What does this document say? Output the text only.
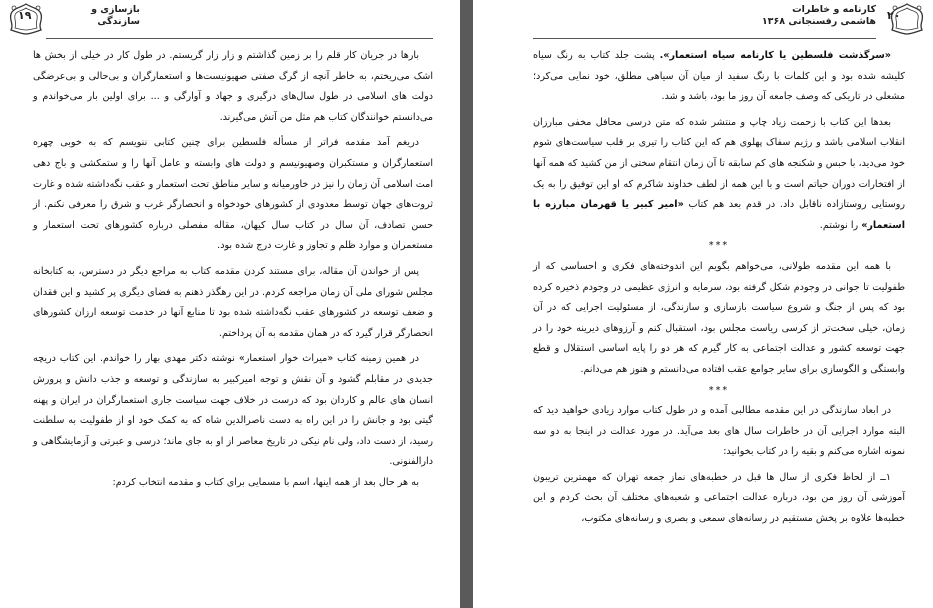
۱۹	بازسازی و
سازندگی

بارها در جریان کار قلم را بر زمین گذاشتم و زار زار گریستم. در طول کار در خیلی از بخش ها اشک می‌ریختم، به خاطر آنچه از گرگ صفتی صهیونیست‌ها و استعمارگران و بی‌حالی و بی‌عرضگی دولت های اسلامی در طول سال‌های درگیری و جهاد و آوارگی و ... برای اولین بار می‌خواندم و می‌دانستم خوانندگان کتاب هم مثل من آتش می‌گیرند.

دریغم آمد مقدمه فراتر از مسأله فلسطین برای چنین کتابی ننویسم که به خوبی چهره استعمارگران و مستکبران وصهیونیسم و دولت های وابسته و عامل آنها را و ستمکشی و باج دهی امت اسلامی آن زمان را نیز در خاورمیانه و سایر مناطق تحت استعمار و عقب نگه‌داشته شده و غارت ثروت‌های جهان توسط معدودی از کشورهای خودخواه و انحصارگر غرب و شرق را معرفی نکنم. از حسن تصادف، آن سال در کتاب سال کیهان، مقاله مفصلی درباره کشورهای تحت استعمار و مستعمران و موارد ظلم و تجاوز و غارت درج شده بود.

پس از خواندن آن مقاله، برای مستند کردن مقدمه کتاب به مراجع دیگر در دسترس، به کتابخانه مجلس شورای ملی آن زمان مراجعه کردم. در این رهگذر ذهنم به فضای دیگری پر کشید و این فقدان و ضعف توسعه در کشورهای عقب نگه‌داشته شده بود تا منابع آنها در خدمت توسعه ارزان کشورهای انحصارگر قرار گیرد که در همان مقدمه به آن پرداختم.

در همین زمینه کتاب «میراث خوار استعمار» نوشته دکتر مهدی بهار را خواندم. این کتاب دریچه جدیدی در مقابلم گشود و آن نقش و توجه امیرکبیر به سازندگی و توسعه و جذب دانش و پرورش انسان های عالم و کاردان بود که درست در خلاف جهت سیاست جاری استعمارگران در ایران و پهنه گیتی بود و جانش را در این راه به دست ناصرالدین شاه که به کمک خود او از طفولیت به سلطنت رسید، از دست داد، ولی نام نیکی در تاریخ معاصر از او به جای ماند؛ درسی و عبرتی و آزمایشگاهی و دارالفنونی.

به هر حال بعد از همه اینها، اسم با مسمایی برای کتاب و مقدمه انتخاب کردم:

۲۰
کارنامه و خاطرات
هاشمی رفسنجانی ۱۳۶۸

«سرگذشت فلسطین یا کارنامه سیاه استعمار». پشت جلد کتاب به رنگ سیاه کلیشه شده بود و این کلمات با رنگ سفید از میان آن سیاهی مطلق، خود نمایی می‌کرد؛ مشعلی در تاریکی که وصف جامعه آن روز ما بود، باشد و شد.

بعدها این کتاب با زحمت زیاد چاپ و منتشر شده که متن درسی محافل مخفی مبارزان انقلاب اسلامی باشد و رژیم سفاک پهلوی هم که این کتاب را تیری بر قلب سیاست‌های شوم خود می‌دید، با حبس و شکنجه های کم سابقه تا آن زمان انتقام سختی از من کشید که همه آنها از افتخارات دوران حیاتم است و با این همه از لطف خداوند شاکرم که او این توفیق را به یک روستایی روستازاده ناقابل داد. در قدم بعد هم کتاب «امیر کبیر یا قهرمان مبارزه با استعمار» را نوشتم.

***

با همه این مقدمه طولانی، می‌خواهم بگویم این اندوخته‌های فکری و احساسی که از طفولیت تا جوانی در وجودم شکل گرفته بود، سرمایه و انرژی عظیمی در وجودم ذخیره کرده بود که پس از جنگ و شروع سیاست بازسازی و سازندگی، از مسئولیت اجرایی که در آن زمان، خیلی سخت‌تر از کرسی ریاست مجلس بود، استقبال کنم و آرزوهای دیرینه خود را در جهت توسعه کشور و عدالت اجتماعی به کار گیرم که هر دو را پایه اساسی استقلال و قطع وابستگی و الگوسازی برای سایر جوامع عقب افتاده می‌دانستم و هنوز هم می‌دانم.

***

در ابعاد سازندگی در این مقدمه مطالبی آمده و در طول کتاب موارد زیادی خواهید دید که البته موارد اجرایی آن در خاطرات سال های بعد می‌آید. در مورد عدالت در اینجا به دو سه نمونه اشاره می‌کنم و بقیه را در کتاب بخوانید:

۱ــ از لحاظ فکری از سال ها قبل در خطبه‌های نماز جمعه تهران که مهمترین تریبون آموزشی آن روز من بود، درباره عدالت اجتماعی و شعبه‌های مختلف آن بحث کردم و این خطبه‌ها علاوه بر پخش مستقیم در رسانه‌های سمعی و بصری و رسانه‌های مکتوب،
